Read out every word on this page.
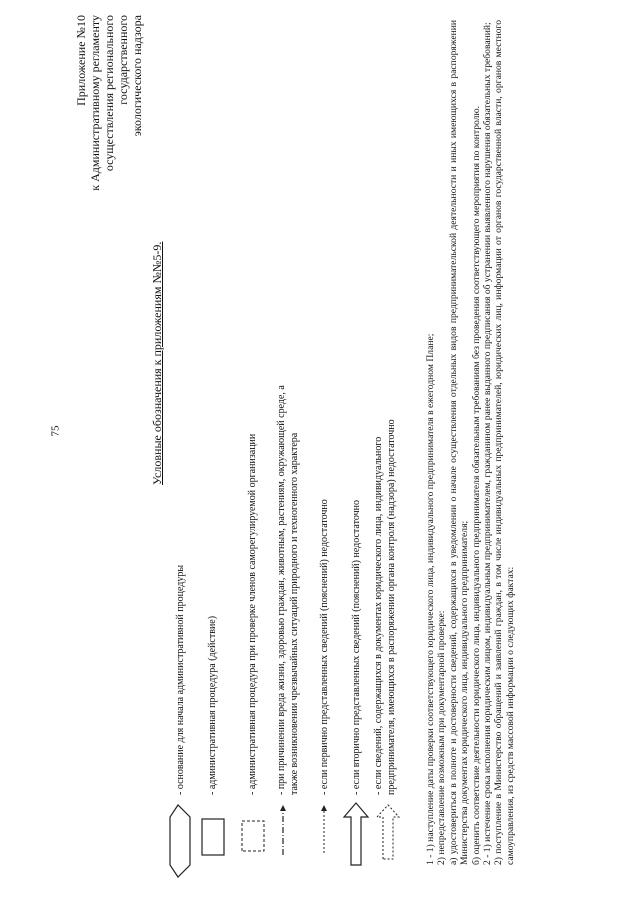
75
Приложение №10 к Административному регламенту осуществления регионального государственного экологического надзора
Условные обозначения к приложениям №№5-9.
- основание для начала административной процедуры - административная процедура (действие)	- административная процедура при проверке членов саморегулируемой организации - при причинении вреда жизни, здоровью граждан, животным, растениям, окружающей среде, а также возникновении чрезвычайных ситуаций природного и техногенного характера - если первично представленных сведений (пояснений) недостаточно - если вторично представленных сведений (пояснений) недостаточно - если сведений, содержащихся в документах юридического лица, индивидуального предпринимателя, имеющихся в распоряжении органа контроля (надзора) недостаточно	1 - 1) наступление даты проверки соответствующего юридического лица, индивидуального предпринимателя в ежегодном Плане; 2) непредставление возможным при документарной проверке: а) удостовериться в полноте и достоверности сведений, содержащихся в уведомлении о начале осуществления отдельных видов предпринимательской деятельности и иных имеющихся в распоряжении Министерства документах юридического лица, индивидуального предпринимателя; б) оценить соответствие деятельности юридического лица, индивидуального предпринимателя обязательным требованиям без проведения соответствующего мероприятия по контролю. 2 - 1) истечение срока исполнения юридическим лицом, индивидуальным предпринимателем, гражданином ранее выданного предписания об устранении выявленного нарушения обязательных требований; 2) поступление в Министерство обращений и заявлений граждан, в том числе индивидуальных предпринимателей, юридических лиц, информации от органов государственной власти, органов местного самоуправления, из средств массовой информации о следующих фактах:
